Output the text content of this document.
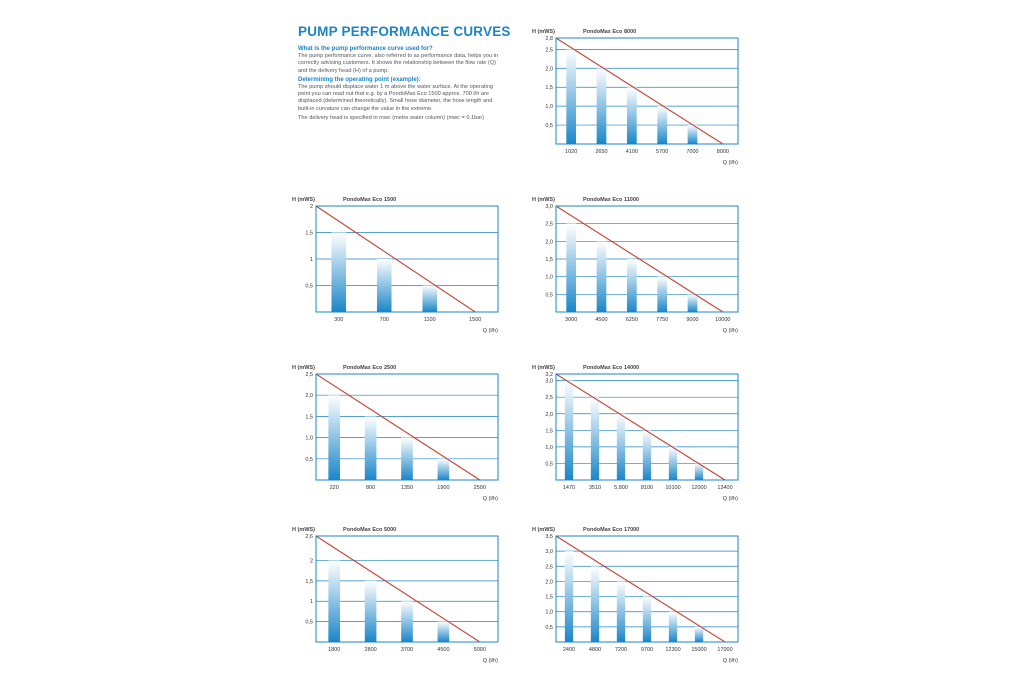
PUMP PERFORMANCE CURVES
What is the pump performance curve used for?

The pump performance curve, also referred to as performance data, helps you in correctly advising customers. It shows the relationship between the flow rate (Q) and the delivery head (H) of a pump.

Determining the operating point (example):

The pump should displace water 1 m above the water surface. At the operating point you can read out that e.g. by a PondoMax Eco 1500 approx. 700 l/h are displaced (determined theoretically). Small hose diameter, the hose length and built-in curvature can change the value in the extreme.

The delivery head is specified in mwc (metre water column) (mwc = 0.1bar)

H (mWS)	PondoMax Eco 8000
0,5
1,0
1,5
2,0
2,5
2,8
1020	2650	4100	5700	7000	8000
Q (l/h)
H (mWS)	PondoMax Eco 1500
0,5
1
1,5
2
300	700	1100	1500
Q (l/h)
H (mWS)	PondoMax Eco 11000
0,5
1,0
1,5
2,0
2,5
3,0
3000	4500	6250	7750	9000	10000
Q (l/h)
H (mWS)	PondoMax Eco 2500
0,5
1,0
1,5
2,0
2,5
220	800	1350	1900	2500
Q (l/h)
H (mWS)	PondoMax Eco 14000
0,5
1,0
1,5
2,0
2,5
3,0
3,2
1470	3510 5,800 8100 10100 12000 13400
Q (l/h)
H (mWS)	PondoMax Eco 5000
0,5
1
1,5
2
2,6
1800	2800	3700	4500	5000
Q (l/h)
H (mWS)	PondoMax Eco 17000
0,5
1,0
1,5
2,0
2,5
3,0
3,5
2400	4800	7200	9700 12300 15000 17000
Q (l/h)
